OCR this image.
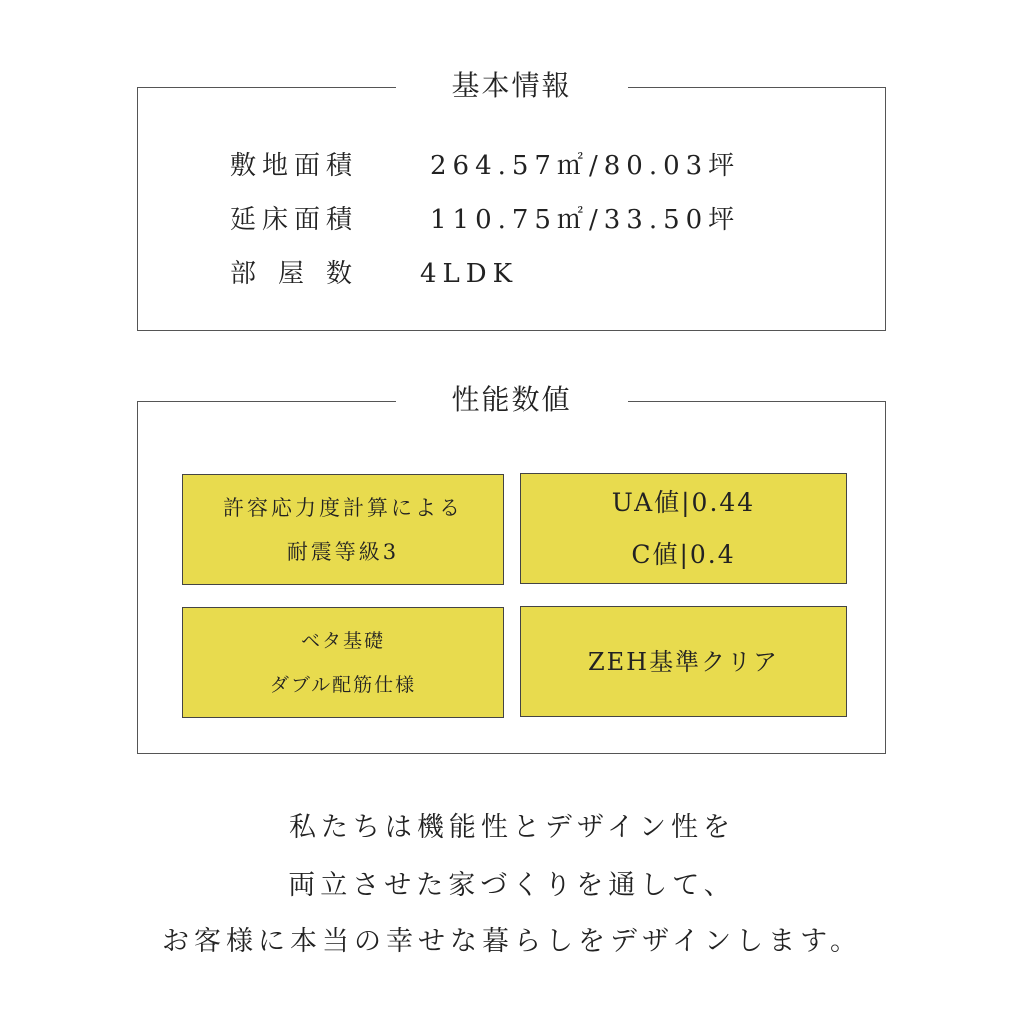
基本情報
敷地面積	264.57㎡/80.03坪
延床面積	110.75㎡/33.50坪
部屋数 4LDK
性能数値
許容応力度計算による
耐震等級3
UA値|0.44
C値|0.4
ベタ基礎
ダブル配筋仕様
ZEH基準クリア
私たちは機能性とデザイン性を
両立させた家づくりを通して、
お客様に本当の幸せな暮らしをデザインします。
